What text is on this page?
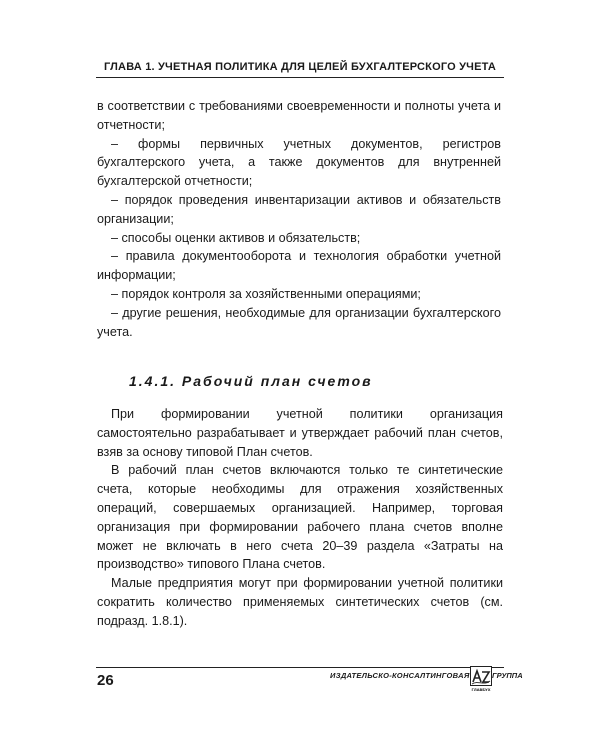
ГЛАВА 1. УЧЕТНАЯ ПОЛИТИКА ДЛЯ ЦЕЛЕЙ БУХГАЛТЕРСКОГО УЧЕТА

в соответствии с требованиями своевременности и полноты учета и отчетности;

– формы первичных учетных документов, регистров бухгалтерского учета, а также документов для внутренней бухгалтерской отчетности;

– порядок проведения инвентаризации активов и обязательств организации;

– способы оценки активов и обязательств;

– правила документооборота и технология обработки учетной информации;

– порядок контроля за хозяйственными операциями;

– другие решения, необходимые для организации бухгалтерского учета.

1.4.1. Рабочий план счетов

При формировании учетной политики организация самостоятельно разрабатывает и утверждает рабочий план счетов, взяв за основу типовой План счетов.

В рабочий план счетов включаются только те синтетические счета, которые необходимы для отражения хозяйственных операций, совершаемых организацией. Например, торговая организация при формировании рабочего плана счетов вполне может не включать в него счета 20–39 раздела «Затраты на производство» типового Плана счетов.

Малые предприятия могут при формировании учетной политики сократить количество применяемых синтетических счетов (см. подразд. 1.8.1).

26	ИЗДАТЕЛЬСКО-КОНСАЛТИНГОВАЯ	ГРУППА
ГЛАВБУХ
